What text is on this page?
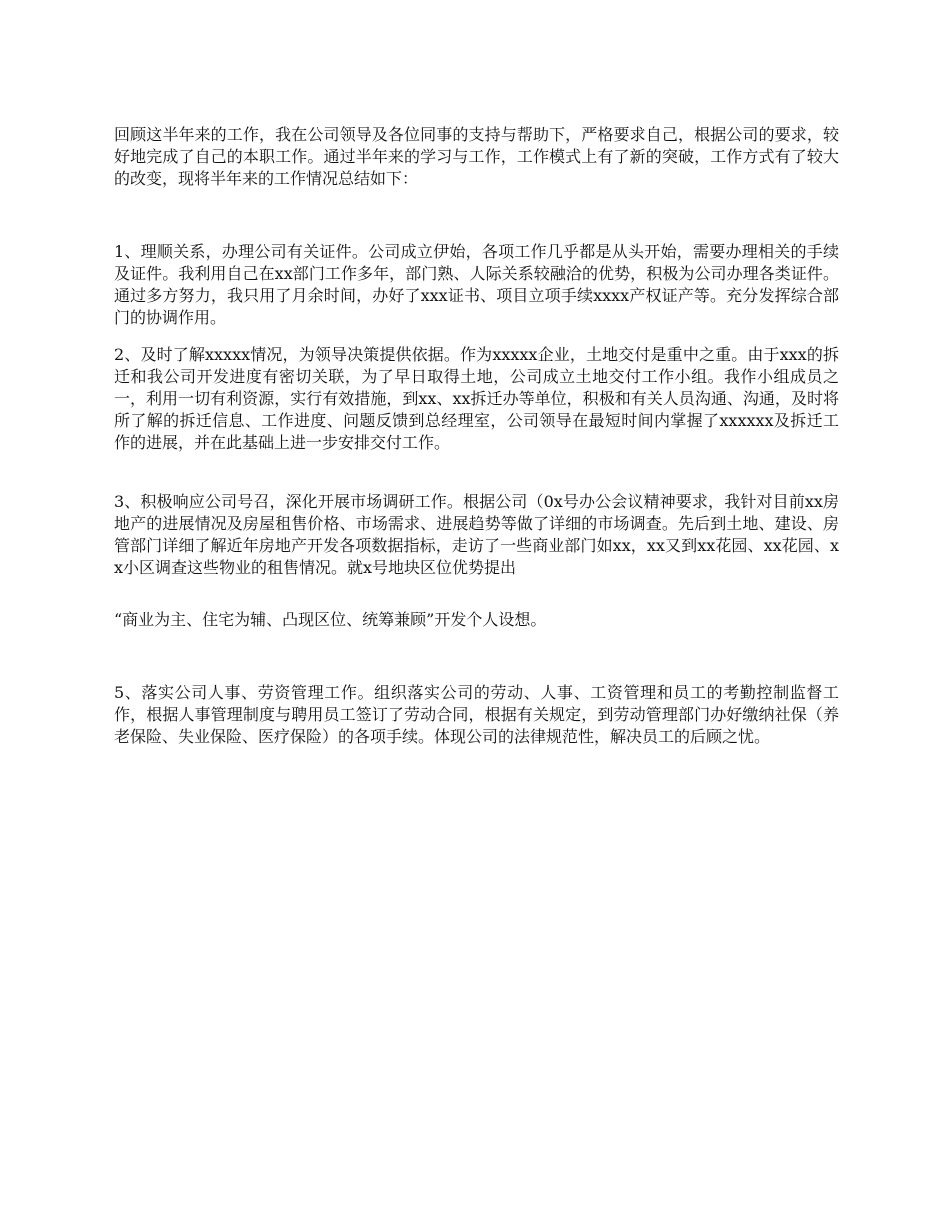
回顾这半年来的工作，我在公司领导及各位同事的支持与帮助下，严格要求自己，根据公司的要求，较好地完成了自己的本职工作。通过半年来的学习与工作，工作模式上有了新的突破，工作方式有了较大的改变，现将半年来的工作情况总结如下：

1、理顺关系，办理公司有关证件。公司成立伊始，各项工作几乎都是从头开始，需要办理相关的手续及证件。我利用自己在xx部门工作多年，部门熟、人际关系较融洽的优势，积极为公司办理各类证件。通过多方努力，我只用了月余时间，办好了xxx证书、项目立项手续xxxx产权证产等。充分发挥综合部门的协调作用。

2、及时了解xxxxx情况，为领导决策提供依据。作为xxxxx企业，土地交付是重中之重。由于xxx的拆迁和我公司开发进度有密切关联，为了早日取得土地，公司成立土地交付工作小组。我作小组成员之一，利用一切有利资源，实行有效措施，到xx、xx拆迁办等单位，积极和有关人员沟通、沟通，及时将所了解的拆迁信息、工作进度、问题反馈到总经理室，公司领导在最短时间内掌握了xxxxxx及拆迁工作的进展，并在此基础上进一步安排交付工作。

3、积极响应公司号召，深化开展市场调研工作。根据公司（0x号办公会议精神要求，我针对目前xx房地产的进展情况及房屋租售价格、市场需求、进展趋势等做了详细的市场调查。先后到土地、建设、房管部门详细了解近年房地产开发各项数据指标，走访了一些商业部门如xx，xx又到xx花园、xx花园、xx小区调查这些物业的租售情况。就x号地块区位优势提出

“商业为主、住宅为辅、凸现区位、统筹兼顾”开发个人设想。

5、落实公司人事、劳资管理工作。组织落实公司的劳动、人事、工资管理和员工的考勤控制监督工作，根据人事管理制度与聘用员工签订了劳动合同，根据有关规定，到劳动管理部门办好缴纳社保（养老保险、失业保险、医疗保险）的各项手续。体现公司的法律规范性，解决员工的后顾之忧。
